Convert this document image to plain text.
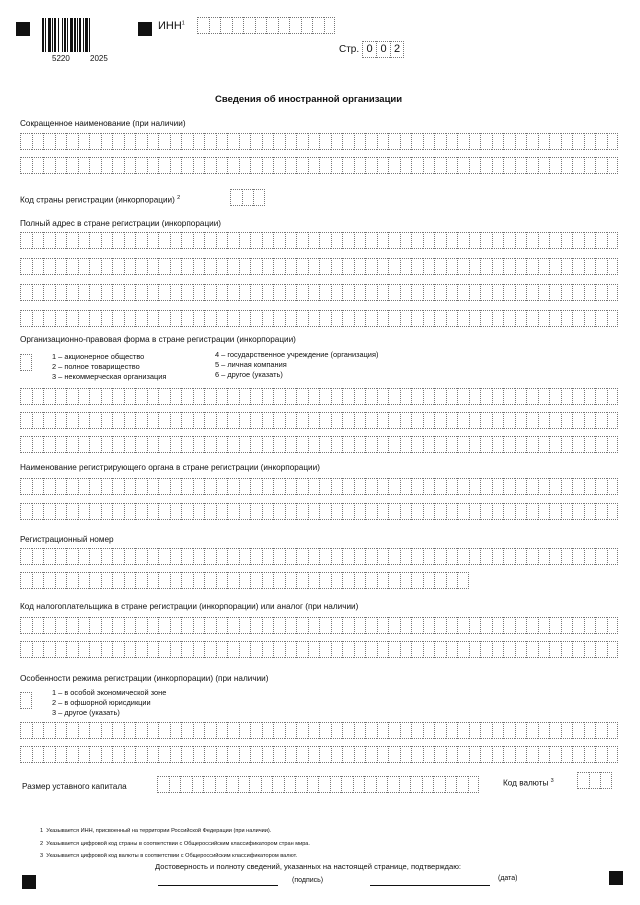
5220	2025
ИНН$^1$
Стр. 0 0 2
Сведения об иностранной организации
Сокращенное наименование (при наличии)
Код страны регистрации (инкорпорации) $^2$
Полный адрес в стране регистрации (инкорпорации)
Организационно-правовая форма в стране регистрации (инкорпорации)
1 – акционерное общество
2 – полное товарищество
3 – некоммерческая организация
4 – государственное учреждение (организация)
5 – личная компания
6 – другое (указать)
Наименование регистрирующего органа в стране регистрации (инкорпорации)
Регистрационный номер
Код налогоплательщика в стране регистрации (инкорпорации) или аналог (при наличии)
Особенности режима регистрации (инкорпорации) (при наличии)
1 – в особой экономической зоне
2 – в офшорной юрисдикции
3 – другое (указать)
Размер уставного капитала	Код валюты $^3$
1 Указывается ИНН, присвоенный на территории Российской Федерации (при наличии).
2 Указывается цифровой код страны в соответствии с Общероссийским классификатором стран мира.
3 Указывается цифровой код валюты в соответствии с Общероссийским классификатором валют.
Достоверность и полноту сведений, указанных на настоящей странице, подтверждаю:
(подпись)	(дата)
